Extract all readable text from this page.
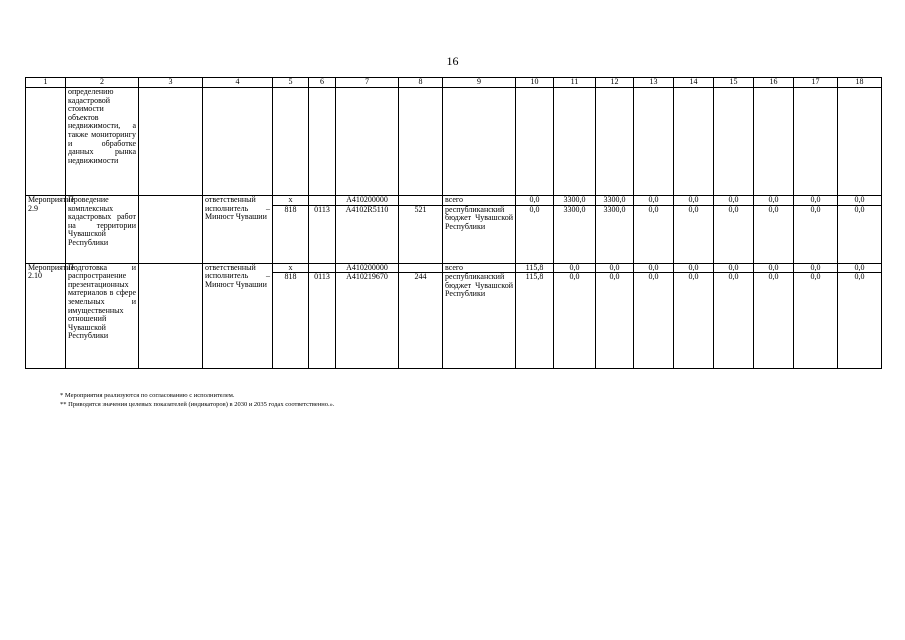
16
1	2	3	4	5	6	7	8	9	10	11	12	13	14	15	16	17	18
	определению кадастровой стоимости объектов недвижимости, а также мониторингу и обработке данных рынка недвижимости																
Мероприятие 2.9	Проведение комплексных кадастровых работ на территории Чувашской Республики		ответственный исполнитель – Минюст Чувашии	x		А410200000		всего	0,0	3300,0	3300,0	0,0	0,0	0,0	0,0	0,0	0,0
				818	0113	А4102R5110	521	республиканский бюджет Чувашской Республики	0,0	3300,0	3300,0	0,0	0,0	0,0	0,0	0,0	0,0
Мероприятие 2.10	Подготовка и распространение презентационных материалов в сфере земельных и имущественных отношений Чувашской Республики		ответственный исполнитель – Минюст Чувашии	x		А410200000		всего	115,8	0,0	0,0	0,0	0,0	0,0	0,0	0,0	0,0
				818	0113	А410219670	244	республиканский бюджет Чувашской Республики	115,8	0,0	0,0	0,0	0,0	0,0	0,0	0,0	0,0
* Мероприятия реализуются по согласованию с исполнителем.
** Приводятся значения целевых показателей (индикаторов) в 2030 и 2035 годах соответственно.».
